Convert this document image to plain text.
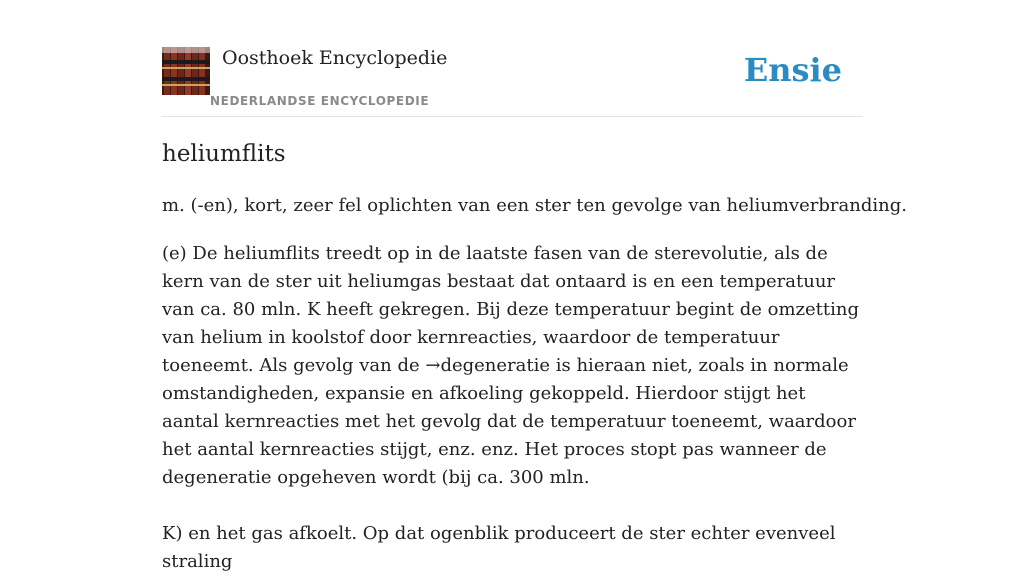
Oosthoek Encyclopedie
NEDERLANDSE ENCYCLOPEDIE
Ensie
heliumflits

m. (-en), kort, zeer fel oplichten van een ster ten gevolge van heliumverbranding.

(e) De heliumflits treedt op in de laatste fasen van de sterevolutie, als de kern van de ster uit heliumgas bestaat dat ontaard is en een temperatuur van ca. 80 mln. K heeft gekregen. Bij deze temperatuur begint de omzetting van helium in koolstof door kernreacties, waardoor de temperatuur toeneemt. Als gevolg van de →degeneratie is hieraan niet, zoals in normale omstandigheden, expansie en afkoeling gekoppeld. Hierdoor stijgt het aantal kernreacties met het gevolg dat de temperatuur toeneemt, waardoor het aantal kernreacties stijgt, enz. enz. Het proces stopt pas wanneer de degeneratie opgeheven wordt (bij ca. 300 mln.

K) en het gas afkoelt. Op dat ogenblik produceert de ster echter evenveel straling
